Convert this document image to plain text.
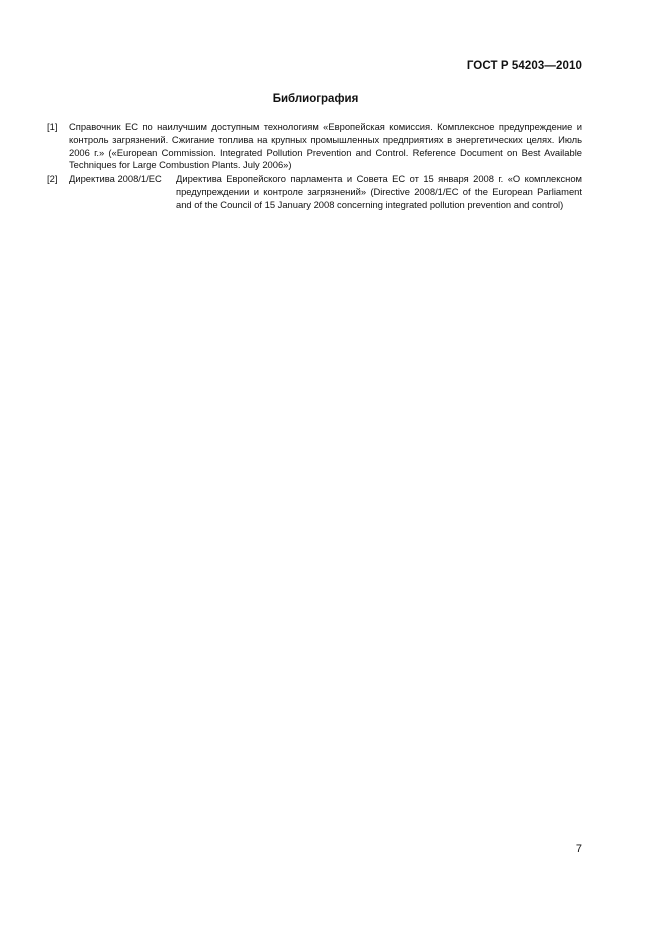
ГОСТ Р 54203—2010
Библиография
[1]	Справочник ЕС по наилучшим доступным технологиям «Европейская комиссия. Комплексное предупреждение и контроль загрязнений. Сжигание топлива на крупных промышленных предприятиях в энергетических целях. Июль 2006 г.» («European Commission. Integrated Pollution Prevention and Control. Reference Document on Best Available Techniques for Large Combustion Plants. July 2006»)
[2]	Директива 2008/1/ЕС	Директива Европейского парламента и Совета ЕС от 15 января 2008 г. «О комплексном предупреждении и контроле загрязнений» (Directive 2008/1/EC of the European Parliament and of the Council of 15 January 2008 concerning integrated pollution prevention and control)
7
